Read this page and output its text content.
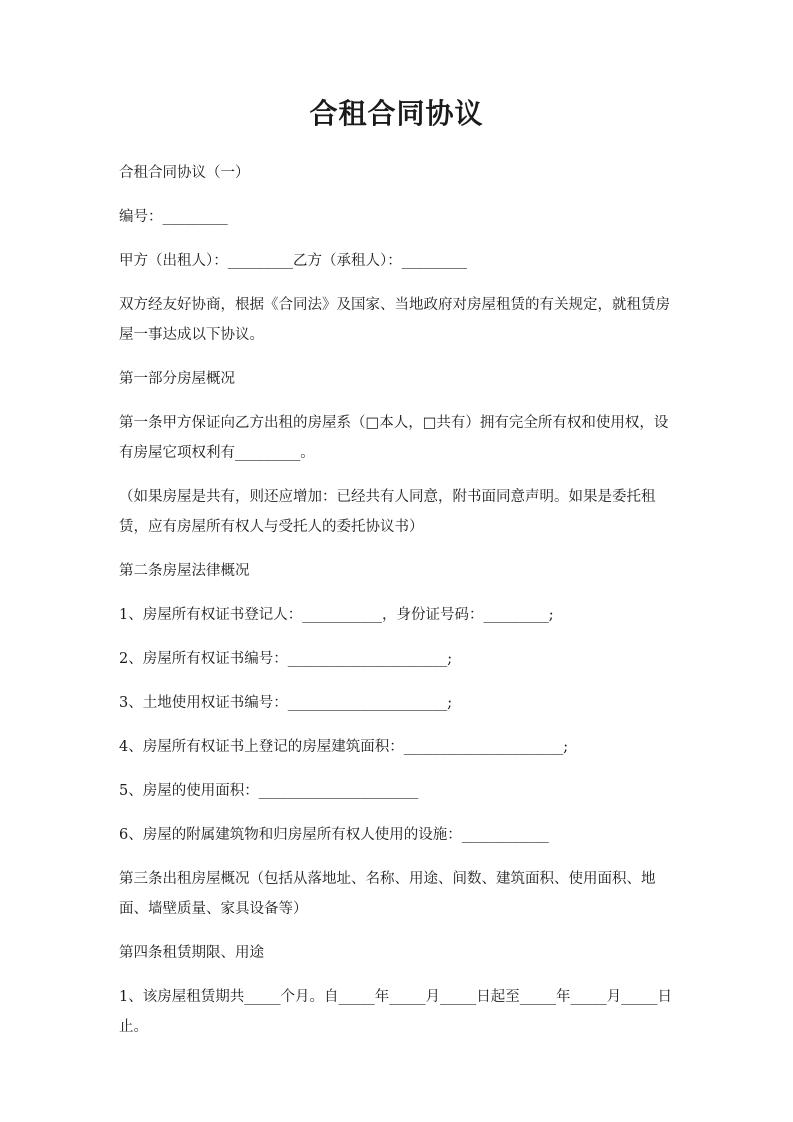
合租合同协议

合租合同协议（一）

编号：_________

甲方（出租人）：_________乙方（承租人）：_________

双方经友好协商，根据《合同法》及国家、当地政府对房屋租赁的有关规定，就租赁房屋一事达成以下协议。

第一部分房屋概况

第一条甲方保证向乙方出租的房屋系（□本人，□共有）拥有完全所有权和使用权，设有房屋它项权利有_________。

（如果房屋是共有，则还应增加：已经共有人同意，附书面同意声明。如果是委托租赁，应有房屋所有权人与受托人的委托协议书）

第二条房屋法律概况

1、房屋所有权证书登记人：___________，身份证号码：_________;

2、房屋所有权证书编号：______________________;

3、土地使用权证书编号：______________________;

4、房屋所有权证书上登记的房屋建筑面积：______________________;

5、房屋的使用面积：______________________

6、房屋的附属建筑物和归房屋所有权人使用的设施：____________

第三条出租房屋概况（包括从落地址、名称、用途、间数、建筑面积、使用面积、地面、墙壁质量、家具设备等）

第四条租赁期限、用途

1、该房屋租赁期共_____个月。自_____年_____月_____日起至_____年_____月_____日止。
